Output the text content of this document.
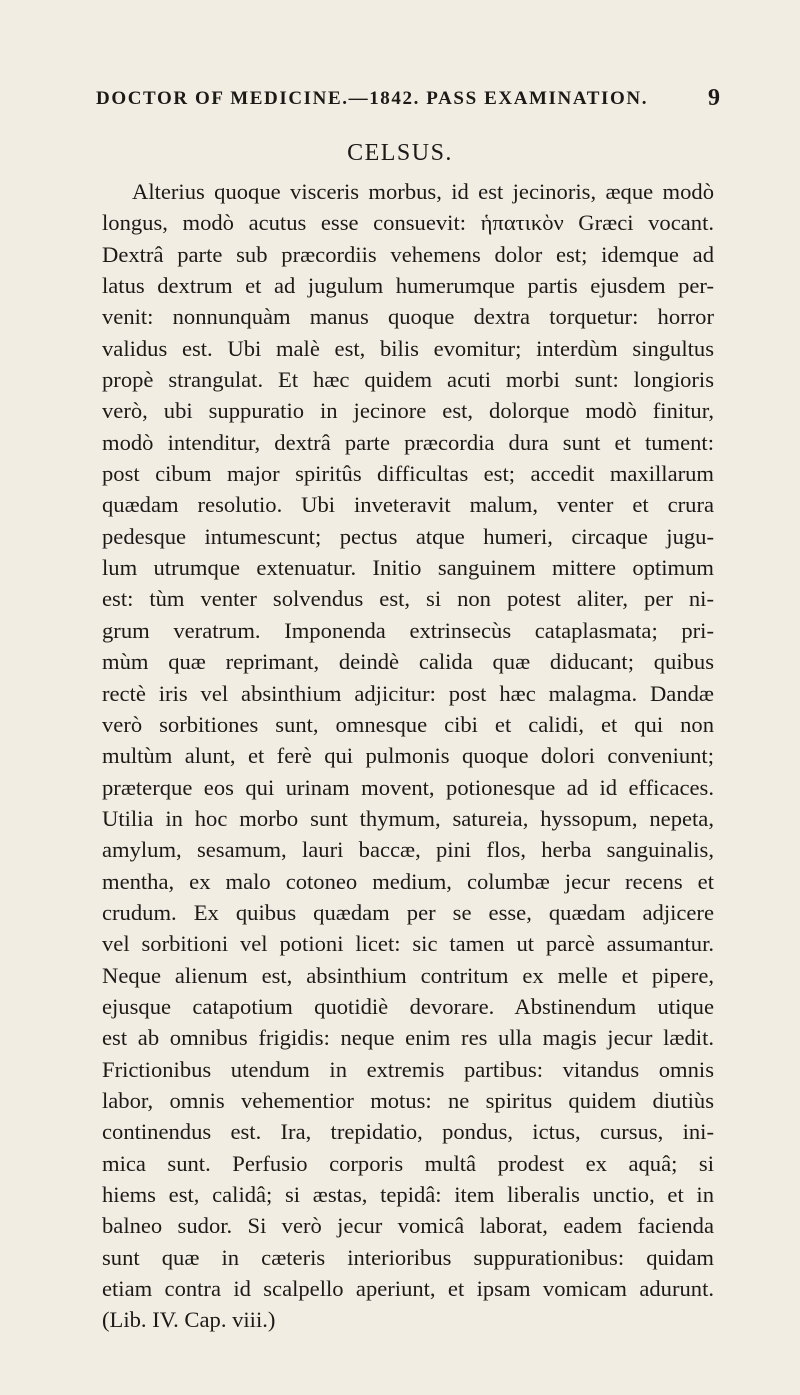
DOCTOR OF MEDICINE.—1842. PASS EXAMINATION. 9
CELSUS.
Alterius quoque visceris morbus, id est jecinoris, æque modò
longus, modò acutus esse consuevit: ἡπατικὸν Græci vocant.
Dextrâ parte sub præcordiis vehemens dolor est; idemque ad
latus dextrum et ad jugulum humerumque partis ejusdem per-
venit: nonnunquàm manus quoque dextra torquetur: horror
validus est. Ubi malè est, bilis evomitur; interdùm singultus
propè strangulat. Et hæc quidem acuti morbi sunt: longioris
verò, ubi suppuratio in jecinore est, dolorque modò finitur,
modò intenditur, dextrâ parte præcordia dura sunt et tument:
post cibum major spiritûs difficultas est; accedit maxillarum
quædam resolutio. Ubi inveteravit malum, venter et crura
pedesque intumescunt; pectus atque humeri, circaque jugu-
lum utrumque extenuatur. Initio sanguinem mittere optimum
est: tùm venter solvendus est, si non potest aliter, per ni-
grum veratrum. Imponenda extrinsecùs cataplasmata; pri-
mùm quæ reprimant, deindè calida quæ diducant; quibus
rectè iris vel absinthium adjicitur: post hæc malagma. Dandæ
verò sorbitiones sunt, omnesque cibi et calidi, et qui non
multùm alunt, et ferè qui pulmonis quoque dolori conveniunt;
præterque eos qui urinam movent, potionesque ad id efficaces.
Utilia in hoc morbo sunt thymum, satureia, hyssopum, nepeta,
amylum, sesamum, lauri baccæ, pini flos, herba sanguinalis,
mentha, ex malo cotoneo medium, columbæ jecur recens et
crudum. Ex quibus quædam per se esse, quædam adjicere
vel sorbitioni vel potioni licet: sic tamen ut parcè assumantur.
Neque alienum est, absinthium contritum ex melle et pipere,
ejusque catapotium quotidiè devorare. Abstinendum utique
est ab omnibus frigidis: neque enim res ulla magis jecur lædit.
Frictionibus utendum in extremis partibus: vitandus omnis
labor, omnis vehementior motus: ne spiritus quidem diutiùs
continendus est. Ira, trepidatio, pondus, ictus, cursus, ini-
mica sunt. Perfusio corporis multâ prodest ex aquâ; si
hiems est, calidâ; si æstas, tepidâ: item liberalis unctio, et in
balneo sudor. Si verò jecur vomicâ laborat, eadem facienda
sunt quæ in cæteris interioribus suppurationibus: quidam
etiam contra id scalpello aperiunt, et ipsam vomicam adurunt.
(Lib. IV. Cap. viii.)
